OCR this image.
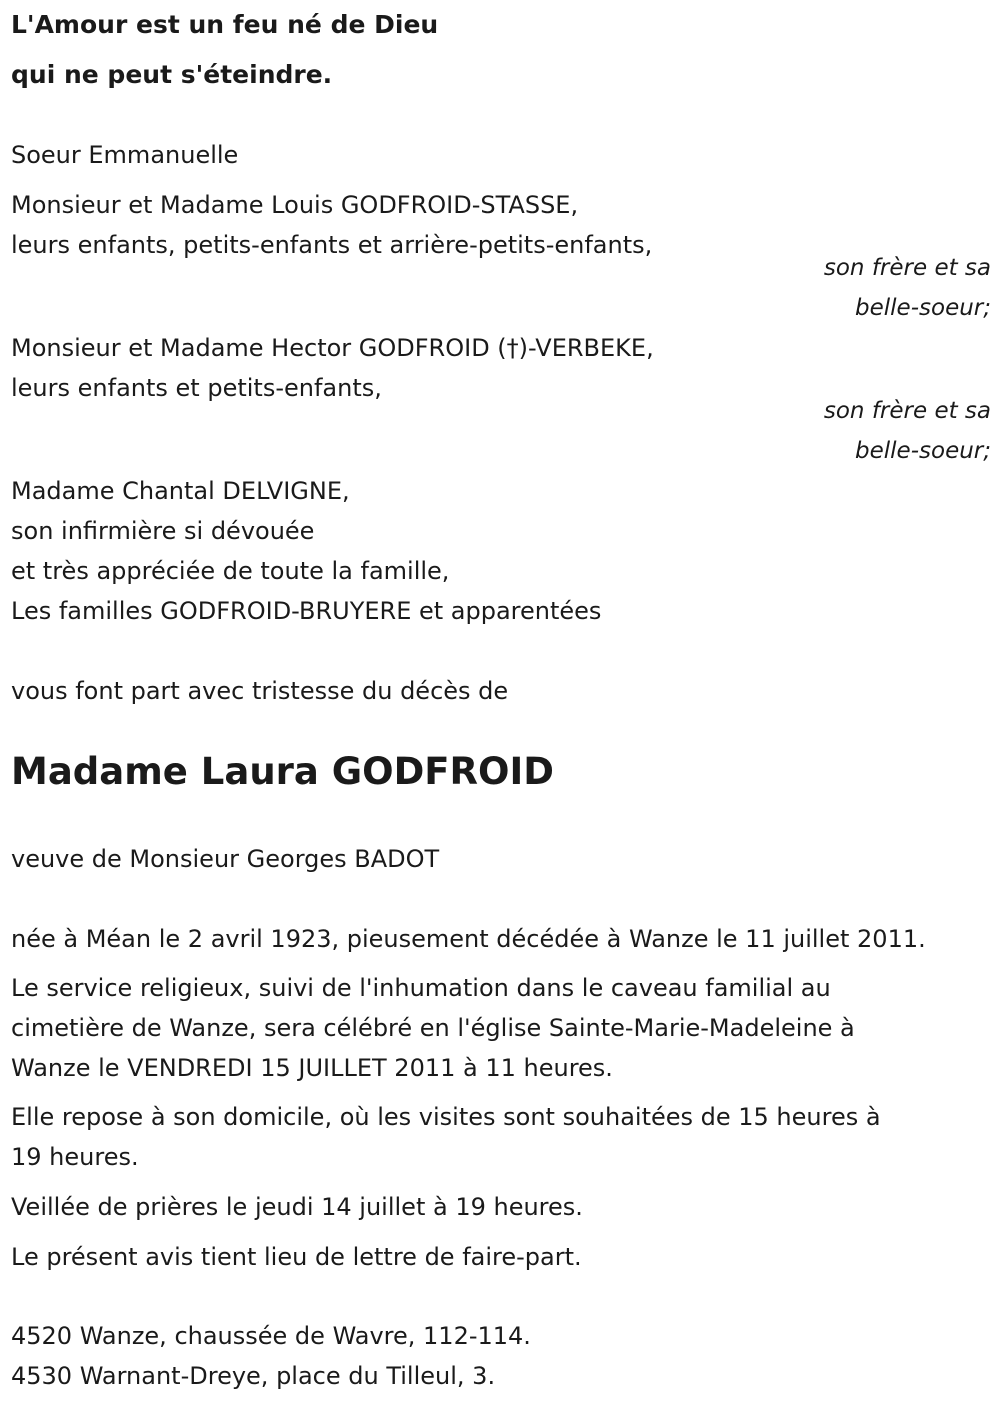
L'Amour est un feu né de Dieu
qui ne peut s'éteindre.
Soeur Emmanuelle
Monsieur et Madame Louis GODFROID-STASSE,
leurs enfants, petits-enfants et arrière-petits-enfants,
son frère et sa
belle-soeur;
Monsieur et Madame Hector GODFROID (†)-VERBEKE,
leurs enfants et petits-enfants,
son frère et sa
belle-soeur;
Madame Chantal DELVIGNE,
son infirmière si dévouée
et très appréciée de toute la famille,
Les familles GODFROID-BRUYERE et apparentées
vous font part avec tristesse du décès de
Madame Laura GODFROID
veuve de Monsieur Georges BADOT
née à Méan le 2 avril 1923, pieusement décédée à Wanze le 11 juillet 2011.
Le service religieux, suivi de l'inhumation dans le caveau familial au
cimetière de Wanze, sera célébré en l'église Sainte-Marie-Madeleine à
Wanze le VENDREDI 15 JUILLET 2011 à 11 heures.
Elle repose à son domicile, où les visites sont souhaitées de 15 heures à
19 heures.
Veillée de prières le jeudi 14 juillet à 19 heures.
Le présent avis tient lieu de lettre de faire-part.
4520 Wanze, chaussée de Wavre, 112-114.
4530 Warnant-Dreye, place du Tilleul, 3.
